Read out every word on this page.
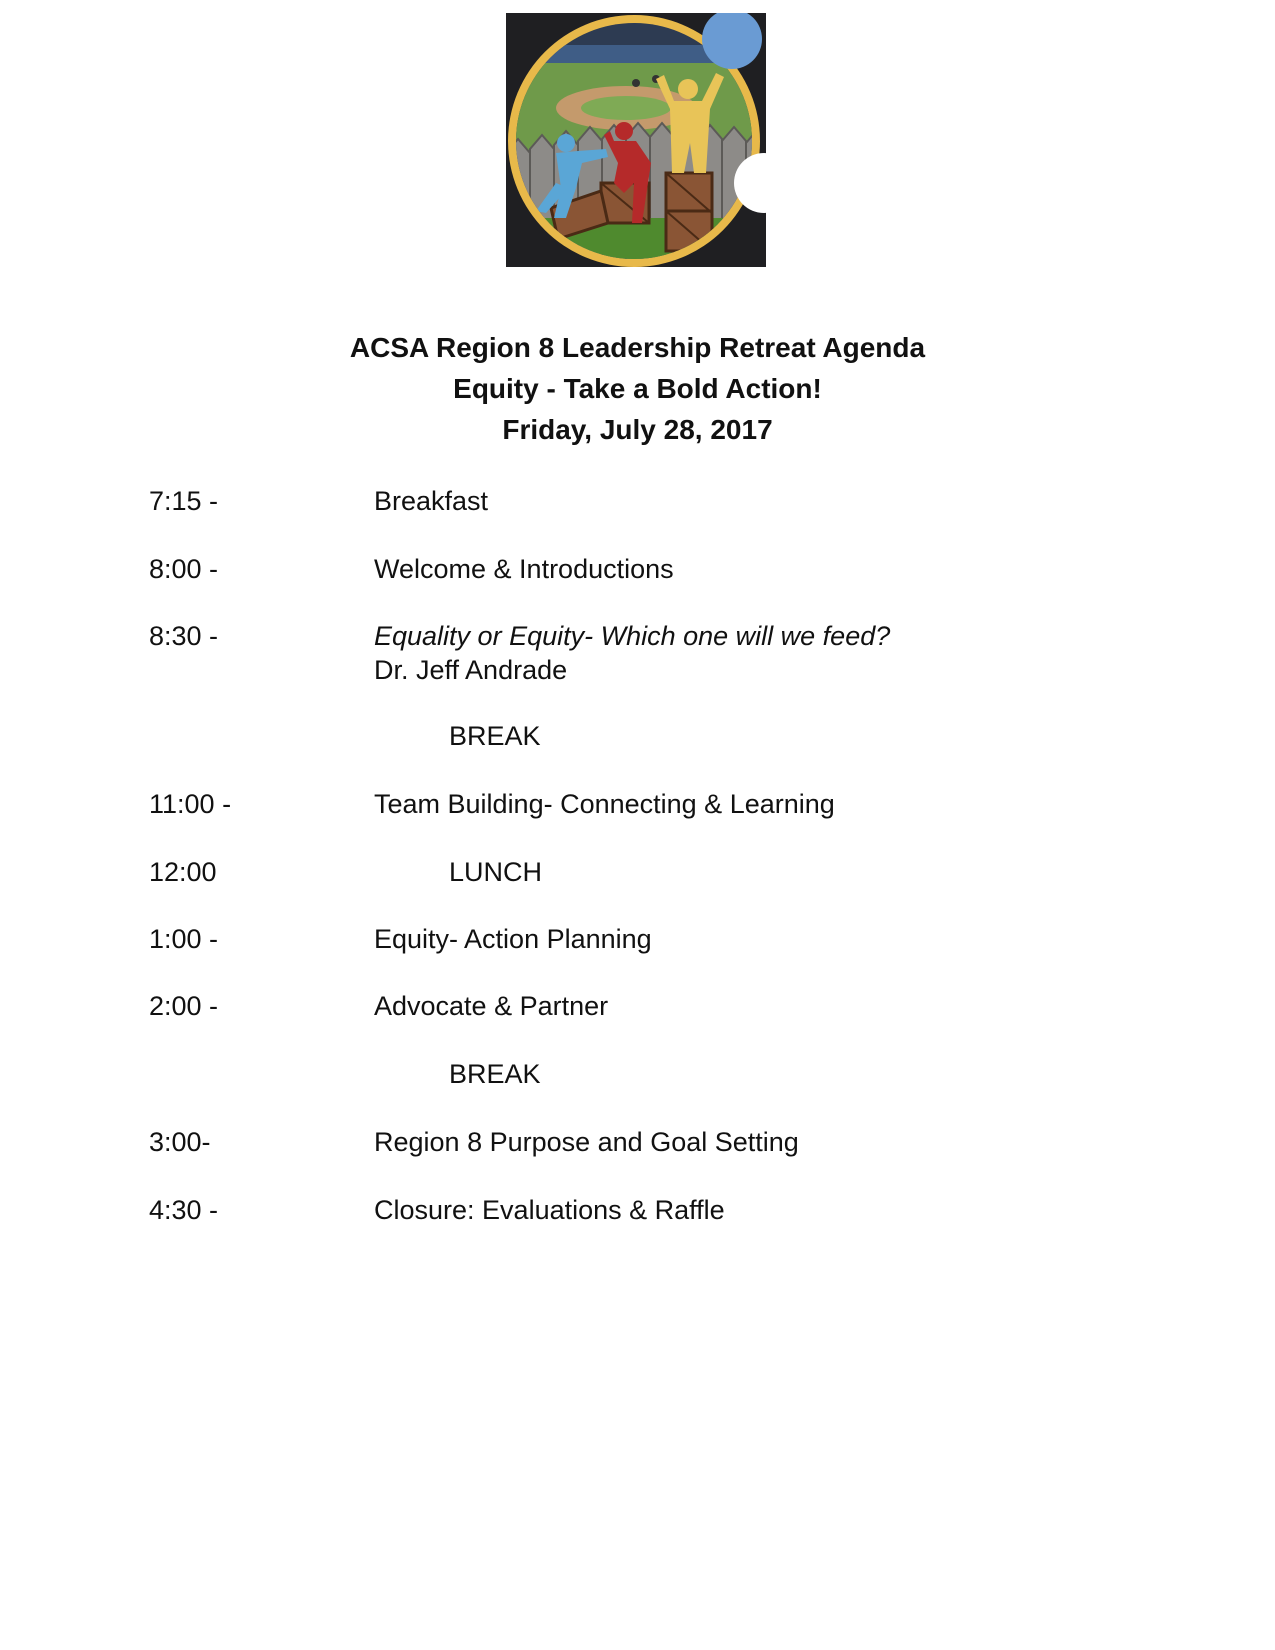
ACSA Region 8 Leadership Retreat Agenda
Equity - Take a Bold Action!
Friday, July 28, 2017
7:15 -	Breakfast
8:00 -	Welcome & Introductions
8:30 -	Equality or Equity- Which one will we feed?
Dr. Jeff Andrade
BREAK
11:00 -	Team Building- Connecting & Learning
12:00	LUNCH
1:00 -	Equity- Action Planning
2:00 -	Advocate & Partner
BREAK
3:00-	Region 8 Purpose and Goal Setting
4:30 -	Closure: Evaluations & Raffle
